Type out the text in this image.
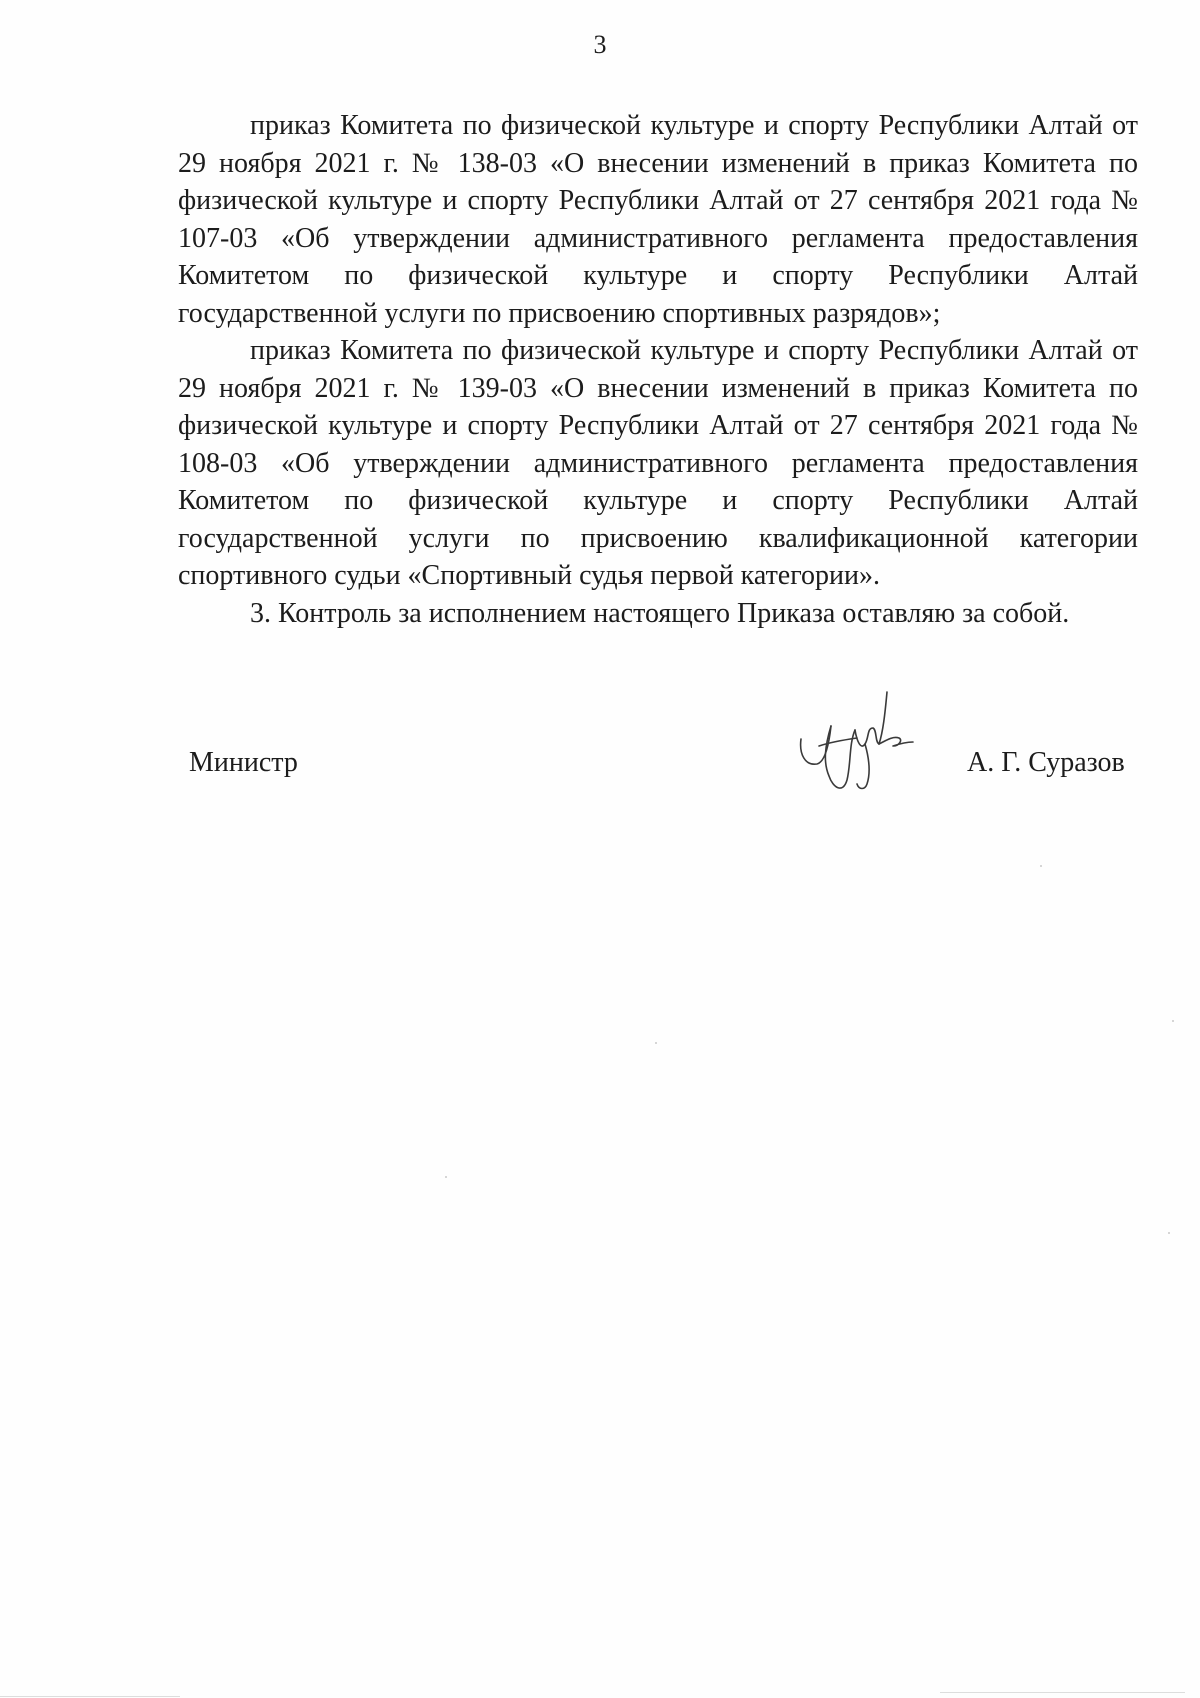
3

приказ Комитета по физической культуре и спорту Республики Алтай от 29 ноября 2021 г. № 138-03 «О внесении изменений в приказ Комитета по физической культуре и спорту Республики Алтай от 27 сентября 2021 года № 107-03 «Об утверждении административного регламента предоставления Комитетом по физической культуре и спорту Республики Алтай государственной услуги по присвоению спортивных разрядов»;

приказ Комитета по физической культуре и спорту Республики Алтай от 29 ноября 2021 г. № 139-03 «О внесении изменений в приказ Комитета по физической культуре и спорту Республики Алтай от 27 сентября 2021 года № 108-03 «Об утверждении административного регламента предоставления Комитетом по физической культуре и спорту Республики Алтай государственной услуги по присвоению квалификационной категории спортивного судьи «Спортивный судья первой категории».

3. Контроль за исполнением настоящего Приказа оставляю за собой.

Министр	А. Г. Суразов
